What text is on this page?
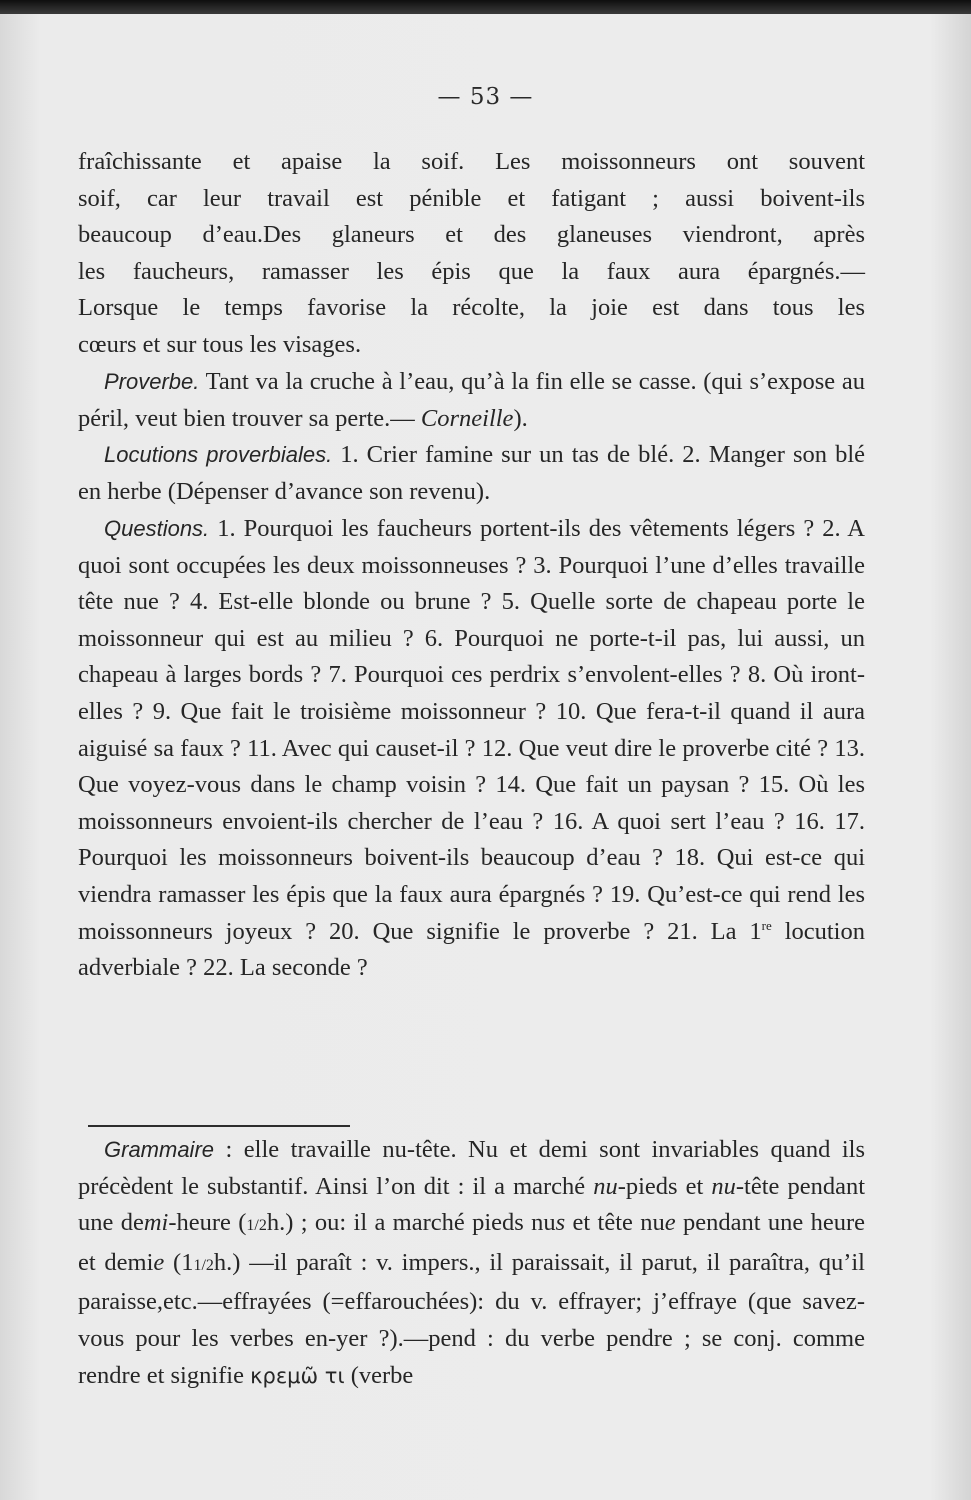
— 53 —

fraîchissante et apaise la soif. Les moissonneurs ont souvent

soif, car leur travail est pénible et fatigant ; aussi boivent-ils

beaucoup d’eau.Des glaneurs et des glaneuses viendront, après

les faucheurs, ramasser les épis que la faux aura épargnés.—

Lorsque le temps favorise la récolte, la joie est dans tous les

cœurs et sur tous les visages.

Proverbe. Tant va la cruche à l’eau, qu’à la fin elle se casse. (qui s’expose au péril, veut bien trouver sa perte.— Corneille).

Locutions proverbiales. 1. Crier famine sur un tas de blé. 2. Manger son blé en herbe (Dépenser d’avance son revenu).

Questions. 1. Pourquoi les faucheurs portent-ils des vêtements légers ? 2. A quoi sont occupées les deux moissonneuses ? 3. Pourquoi l’une d’elles travaille tête nue ? 4. Est-elle blonde ou brune ? 5. Quelle sorte de chapeau porte le moissonneur qui est au milieu ? 6. Pourquoi ne porte-t-il pas, lui aussi, un chapeau à larges bords ? 7. Pourquoi ces perdrix s’envolent-elles ? 8. Où iront-elles ? 9. Que fait le troisième moissonneur ? 10. Que fera-t-il quand il aura aiguisé sa faux ? 11. Avec qui causet-il ? 12. Que veut dire le proverbe cité ? 13. Que voyez-vous dans le champ voisin ? 14. Que fait un paysan ? 15. Où les moissonneurs envoient-ils chercher de l’eau ? 16. A quoi sert l’eau ? 16. 17. Pourquoi les moissonneurs boivent-ils beaucoup d’eau ? 18. Qui est-ce qui viendra ramasser les épis que la faux aura épargnés ? 19. Qu’est-ce qui rend les moissonneurs joyeux ? 20. Que signifie le proverbe ? 21. La 1re locution adverbiale ? 22. La seconde ?

Grammaire : elle travaille nu-tête. Nu et demi sont invariables quand ils précèdent le substantif. Ainsi l’on dit : il a marché nu-pieds et nu-tête pendant une demi-heure (1/2h.) ; ou: il a marché pieds nus et tête nue pendant une heure et demie (11/2h.) —il paraît : v. impers., il paraissait, il parut, il paraîtra, qu’il paraisse,etc.—effrayées (=effarouchées): du v. effrayer; j’effraye (que savez-vous pour les verbes en-yer ?).—pend : du verbe pendre ; se conj. comme rendre et signifie κρεμῶ τι (verbe
